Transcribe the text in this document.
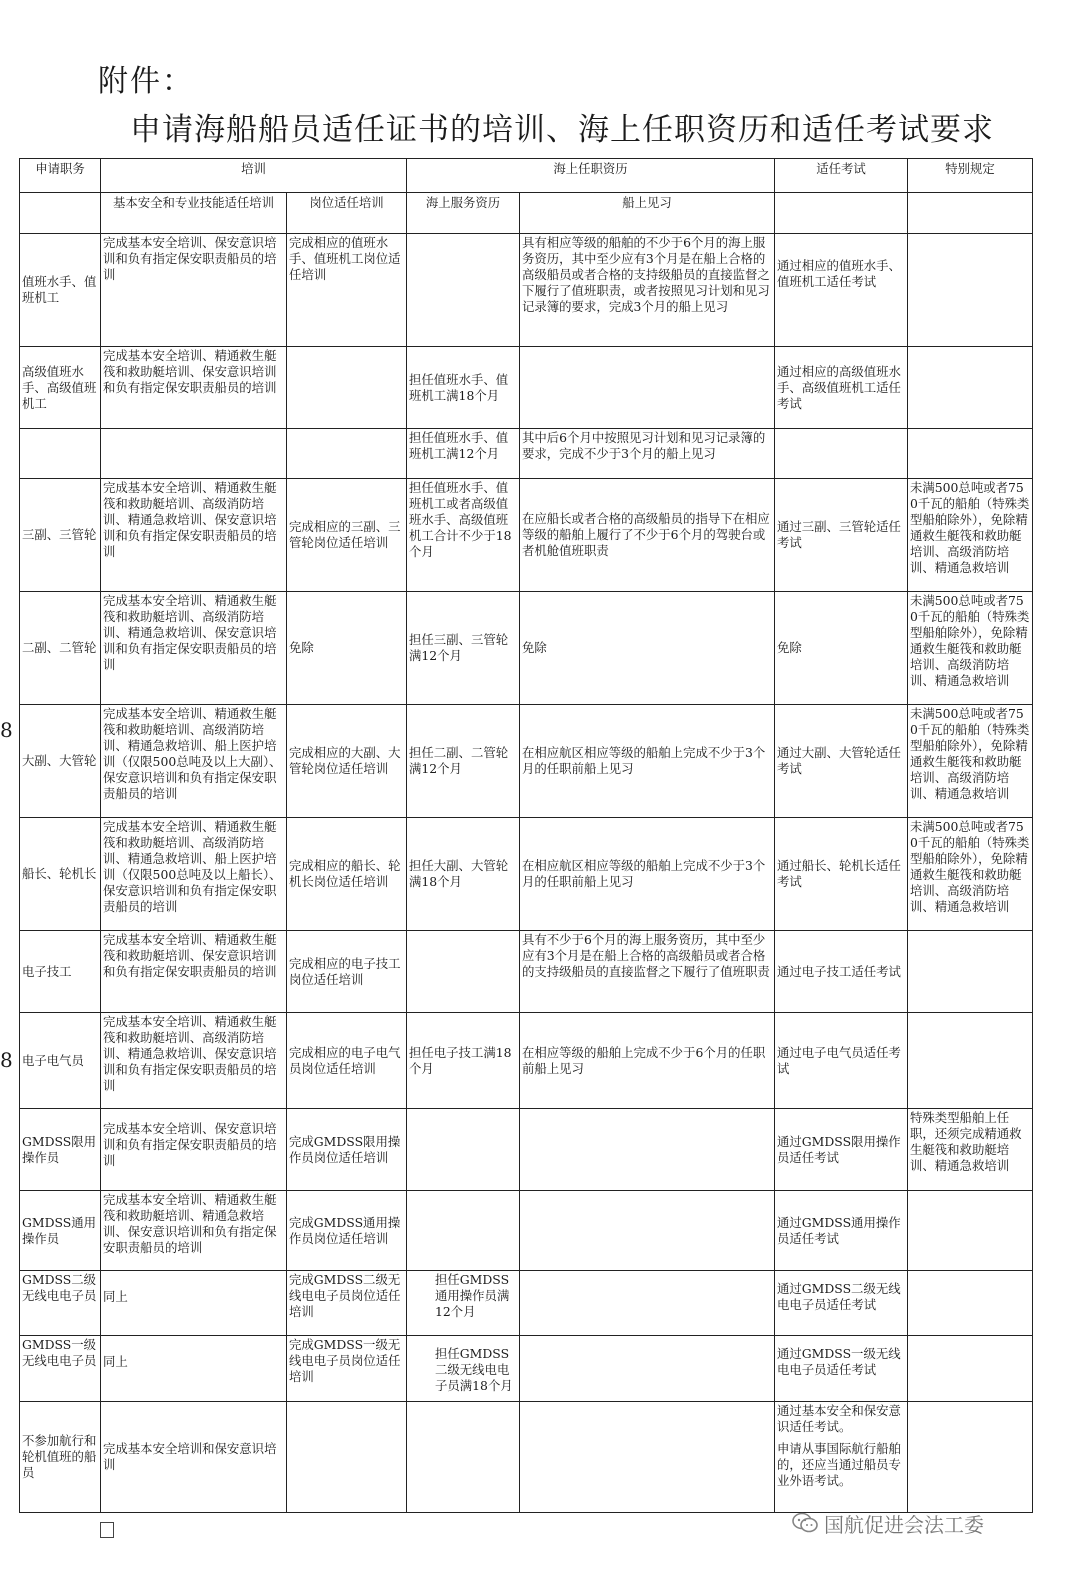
附件：
申请海船船员适任证书的培训、海上任职资历和适任考试要求
8
8
申请职务	培训		海上任职资历		适任考试	特别规定
	基本安全和专业技能适任培训	岗位适任培训	海上服务资历	船上见习		
值班水手、值班机工	完成基本安全培训、保安意识培训和负有指定保安职责船员的培训	完成相应的值班水手、值班机工岗位适任培训		具有相应等级的船舶的不少于6个月的海上服务资历，其中至少应有3个月是在船上合格的高级船员或者合格的支持级船员的直接监督之下履行了值班职责，或者按照见习计划和见习记录簿的要求，完成3个月的船上见习	通过相应的值班水手、值班机工适任考试	
高级值班水手、高级值班机工	完成基本安全培训、精通救生艇筏和救助艇培训、保安意识培训和负有指定保安职责船员的培训		担任值班水手、值班机工满18个月		通过相应的高级值班水手、高级值班机工适任考试	
			担任值班水手、值班机工满12个月	其中后6个月中按照见习计划和见习记录簿的要求，完成不少于3个月的船上见习		
三副、三管轮	完成基本安全培训、精通救生艇筏和救助艇培训、高级消防培训、精通急救培训、保安意识培训和负有指定保安职责船员的培训	完成相应的三副、三管轮岗位适任培训	担任值班水手、值班机工或者高级值班水手、高级值班机工合计不少于18个月	在应船长或者合格的高级船员的指导下在相应等级的船舶上履行了不少于6个月的驾驶台或者机舱值班职责	通过三副、三管轮适任考试	未满500总吨或者750千瓦的船舶（特殊类型船舶除外），免除精通救生艇筏和救助艇培训、高级消防培训、精通急救培训
二副、二管轮	完成基本安全培训、精通救生艇筏和救助艇培训、高级消防培训、精通急救培训、保安意识培训和负有指定保安职责船员的培训	免除	担任三副、三管轮满12个月	免除	免除	未满500总吨或者750千瓦的船舶（特殊类型船舶除外），免除精通救生艇筏和救助艇培训、高级消防培训、精通急救培训
大副、大管轮	完成基本安全培训、精通救生艇筏和救助艇培训、高级消防培训、精通急救培训、船上医护培训（仅限500总吨及以上大副）、保安意识培训和负有指定保安职责船员的培训	完成相应的大副、大管轮岗位适任培训	担任二副、二管轮满12个月	在相应航区相应等级的船舶上完成不少于3个月的任职前船上见习	通过大副、大管轮适任考试	未满500总吨或者750千瓦的船舶（特殊类型船舶除外），免除精通救生艇筏和救助艇培训、高级消防培训、精通急救培训
船长、轮机长	完成基本安全培训、精通救生艇筏和救助艇培训、高级消防培训、精通急救培训、船上医护培训（仅限500总吨及以上船长）、保安意识培训和负有指定保安职责船员的培训	完成相应的船长、轮机长岗位适任培训	担任大副、大管轮满18个月	在相应航区相应等级的船舶上完成不少于3个月的任职前船上见习	通过船长、轮机长适任考试	未满500总吨或者750千瓦的船舶（特殊类型船舶除外），免除精通救生艇筏和救助艇培训、高级消防培训、精通急救培训
电子技工	完成基本安全培训、精通救生艇筏和救助艇培训、保安意识培训和负有指定保安职责船员的培训	完成相应的电子技工岗位适任培训		具有不少于6个月的海上服务资历，其中至少应有3个月是在船上合格的高级船员或者合格的支持级船员的直接监督之下履行了值班职责	通过电子技工适任考试	
电子电气员	完成基本安全培训、精通救生艇筏和救助艇培训、高级消防培训、精通急救培训、保安意识培训和负有指定保安职责船员的培训	完成相应的电子电气员岗位适任培训	担任电子技工满18个月	在相应等级的船舶上完成不少于6个月的任职前船上见习	通过电子电气员适任考试	
GMDSS限用操作员	完成基本安全培训、保安意识培训和负有指定保安职责船员的培训	完成GMDSS限用操作员岗位适任培训			通过GMDSS限用操作员适任考试	特殊类型船舶上任职，还须完成精通救生艇筏和救助艇培训、精通急救培训
GMDSS通用操作员	完成基本安全培训、精通救生艇筏和救助艇培训、精通急救培训、保安意识培训和负有指定保安职责船员的培训	完成GMDSS通用操作员岗位适任培训			通过GMDSS通用操作员适任考试	
GMDSS二级无线电电子员	同上	完成GMDSS二级无线电电子员岗位适任培训	担任GMDSS通用操作员满12个月		通过GMDSS二级无线电电子员适任考试	
GMDSS一级无线电电子员	同上	完成GMDSS一级无线电电子员岗位适任培训	担任GMDSS二级无线电电子员满18个月		通过GMDSS一级无线电电子员适任考试	
不参加航行和轮机值班的船员	完成基本安全培训和保安意识培训				通过基本安全和保安意识适任考试。
申请从事国际航行船舶的，还应当通过船员专业外语考试。	

国航促进会法工委
